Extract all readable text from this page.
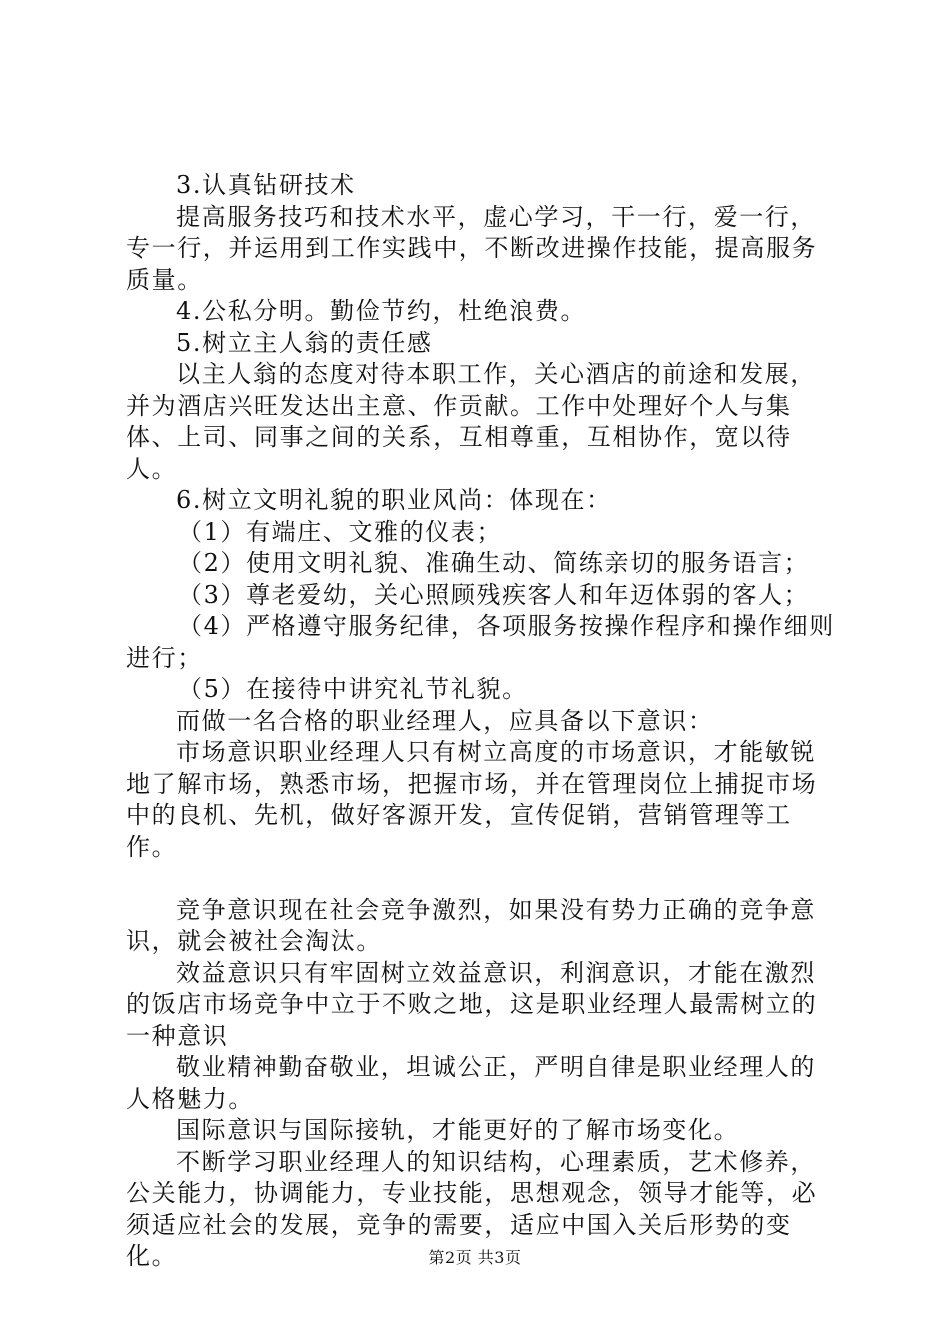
3.认真钻研技术

提高服务技巧和技术水平，虚心学习，干一行，爱一行，专一行，并运用到工作实践中，不断改进操作技能，提高服务质量。

4.公私分明。勤俭节约，杜绝浪费。

5.树立主人翁的责任感

以主人翁的态度对待本职工作，关心酒店的前途和发展，并为酒店兴旺发达出主意、作贡献。工作中处理好个人与集体、上司、同事之间的关系，互相尊重，互相协作，宽以待人。

6.树立文明礼貌的职业风尚：体现在：

（1）有端庄、文雅的仪表；

（2）使用文明礼貌、准确生动、简练亲切的服务语言；

（3）尊老爱幼，关心照顾残疾客人和年迈体弱的客人；

（4）严格遵守服务纪律，各项服务按操作程序和操作细则进行；

（5）在接待中讲究礼节礼貌。

而做一名合格的职业经理人，应具备以下意识：

市场意识职业经理人只有树立高度的市场意识，才能敏锐地了解市场，熟悉市场，把握市场，并在管理岗位上捕捉市场中的良机、先机，做好客源开发，宣传促销，营销管理等工作。

竞争意识现在社会竞争激烈，如果没有势力正确的竞争意识，就会被社会淘汰。

效益意识只有牢固树立效益意识，利润意识，才能在激烈的饭店市场竞争中立于不败之地，这是职业经理人最需树立的一种意识

敬业精神勤奋敬业，坦诚公正，严明自律是职业经理人的人格魅力。

国际意识与国际接轨，才能更好的了解市场变化。

不断学习职业经理人的知识结构，心理素质，艺术修养，公关能力，协调能力，专业技能，思想观念，领导才能等，必须适应社会的发展，竞争的需要，适应中国入关后形势的变化。	第2页 共3页
